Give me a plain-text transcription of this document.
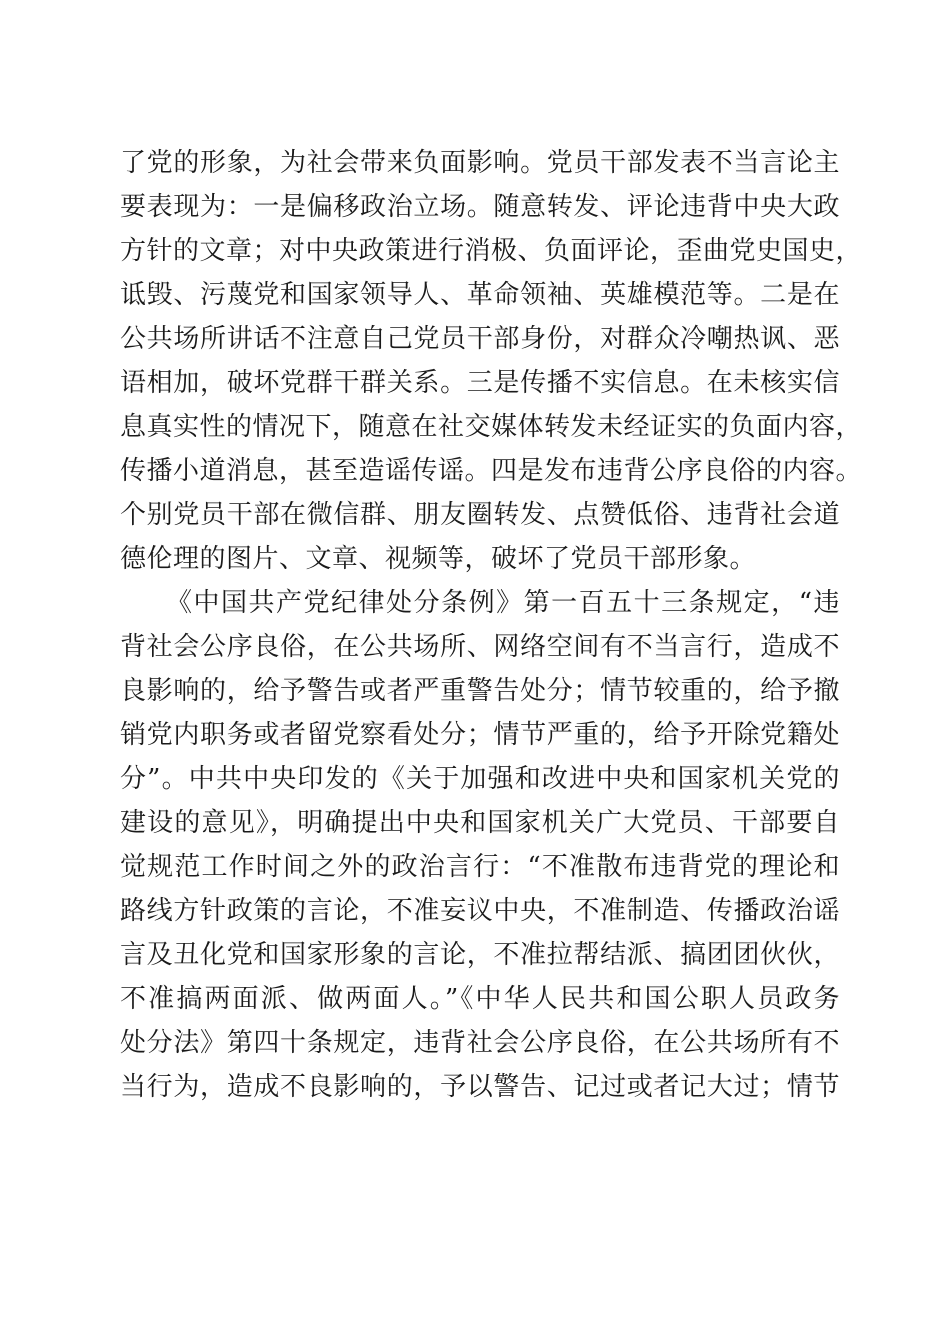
了党的形象，为社会带来负面影响。党员干部发表不当言论主
要表现为：一是偏移政治立场。随意转发、评论违背中央大政
方针的文章；对中央政策进行消极、负面评论，歪曲党史国史，
诋毁、污蔑党和国家领导人、革命领袖、英雄模范等。二是在
公共场所讲话不注意自己党员干部身份，对群众冷嘲热讽、恶
语相加，破坏党群干群关系。三是传播不实信息。在未核实信
息真实性的情况下，随意在社交媒体转发未经证实的负面内容，
传播小道消息，甚至造谣传谣。四是发布违背公序良俗的内容。
个别党员干部在微信群、朋友圈转发、点赞低俗、违背社会道
德伦理的图片、文章、视频等，破坏了党员干部形象。
《中国共产党纪律处分条例》第一百五十三条规定，“违
背社会公序良俗，在公共场所、网络空间有不当言行，造成不
良影响的，给予警告或者严重警告处分；情节较重的，给予撤
销党内职务或者留党察看处分；情节严重的，给予开除党籍处
分”。中共中央印发的《关于加强和改进中央和国家机关党的
建设的意见》，明确提出中央和国家机关广大党员、干部要自
觉规范工作时间之外的政治言行：“不准散布违背党的理论和
路线方针政策的言论，不准妄议中央，不准制造、传播政治谣
言及丑化党和国家形象的言论，不准拉帮结派、搞团团伙伙，
不准搞两面派、做两面人。”《中华人民共和国公职人员政务
处分法》第四十条规定，违背社会公序良俗，在公共场所有不
当行为，造成不良影响的，予以警告、记过或者记大过；情节
